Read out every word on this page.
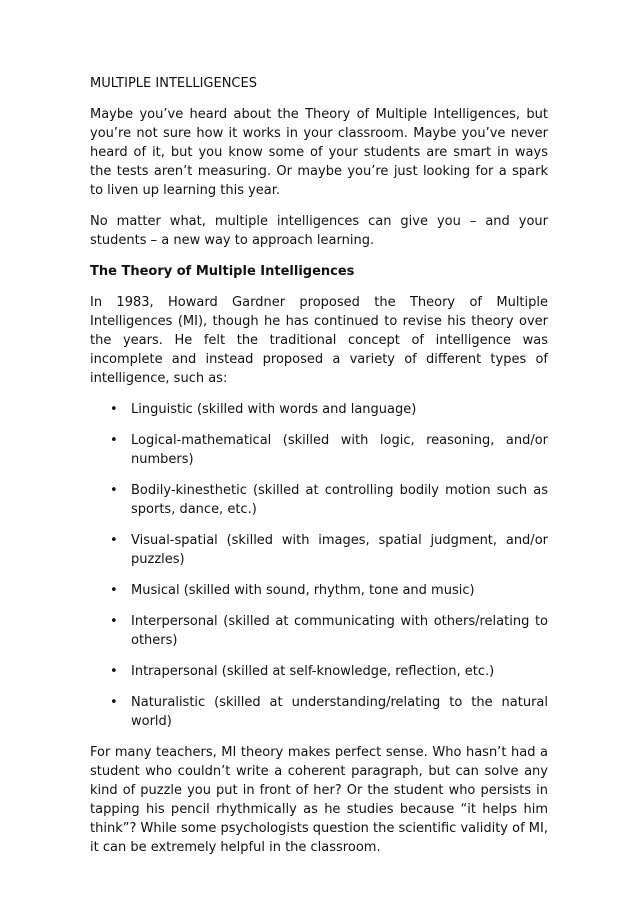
MULTIPLE INTELLIGENCES

Maybe you’ve heard about the Theory of Multiple Intelligences, but you’re not sure how it works in your classroom. Maybe you’ve never heard of it, but you know some of your students are smart in ways the tests aren’t measuring. Or maybe you’re just looking for a spark to liven up learning this year.

No matter what, multiple intelligences can give you – and your students – a new way to approach learning.

The Theory of Multiple Intelligences

In 1983, Howard Gardner proposed the Theory of Multiple Intelligences (MI), though he has continued to revise his theory over the years. He felt the traditional concept of intelligence was incomplete and instead proposed a variety of different types of intelligence, such as:

• Linguistic (skilled with words and language)
• Logical-mathematical (skilled with logic, reasoning, and/or numbers)
• Bodily-kinesthetic (skilled at controlling bodily motion such as sports, dance, etc.)
• Visual-spatial (skilled with images, spatial judgment, and/or puzzles)
• Musical (skilled with sound, rhythm, tone and music)
• Interpersonal (skilled at communicating with others/relating to others)
• Intrapersonal (skilled at self-knowledge, reflection, etc.)
• Naturalistic (skilled at understanding/relating to the natural world)

For many teachers, MI theory makes perfect sense. Who hasn’t had a student who couldn’t write a coherent paragraph, but can solve any kind of puzzle you put in front of her? Or the student who persists in tapping his pencil rhythmically as he studies because “it helps him think”? While some psychologists question the scientific validity of MI, it can be extremely helpful in the classroom.
